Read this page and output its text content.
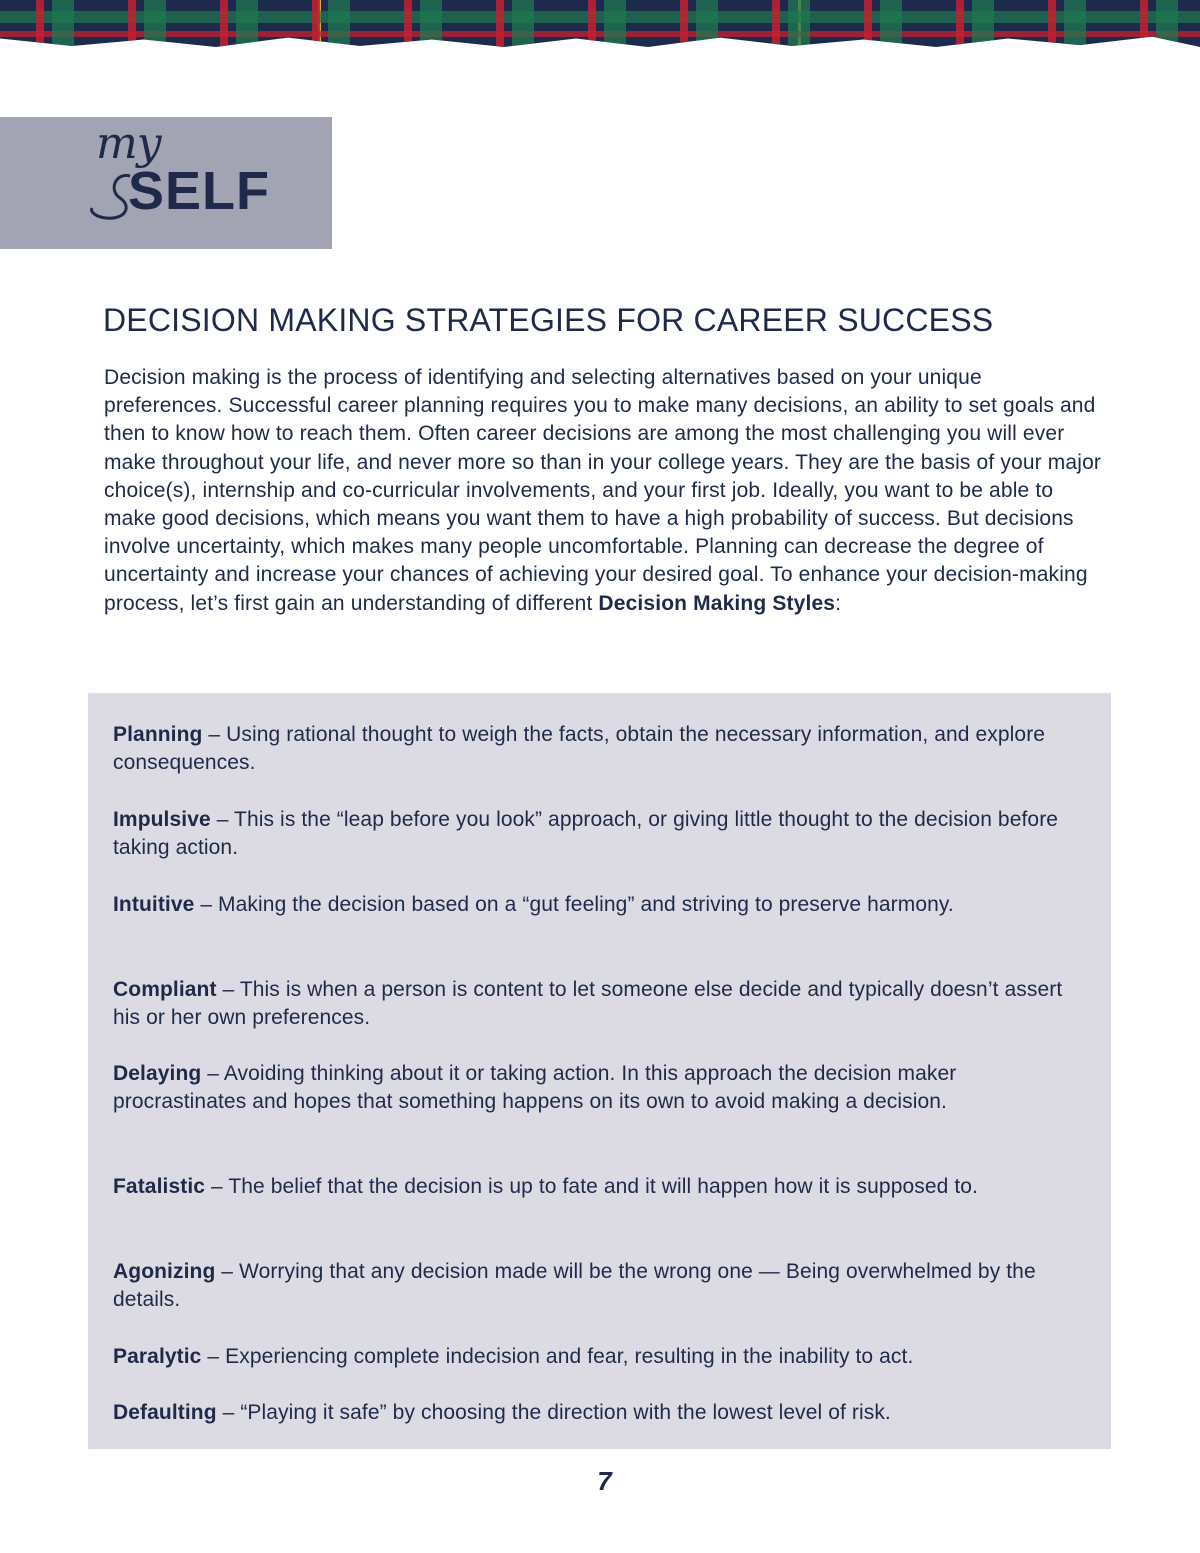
my
SELF
DECISION MAKING STRATEGIES FOR CAREER SUCCESS

Decision making is the process of identifying and selecting alternatives based on your unique preferences. Successful career planning requires you to make many decisions, an ability to set goals and then to know how to reach them. Often career decisions are among the most challenging you will ever make throughout your life, and never more so than in your college years. They are the basis of your major choice(s), internship and co-curricular involvements, and your first job. Ideally, you want to be able to make good decisions, which means you want them to have a high probability of success. But decisions involve uncertainty, which makes many people uncomfortable. Planning can decrease the degree of uncertainty and increase your chances of achieving your desired goal. To enhance your decision-making process, let’s first gain an understanding of different Decision Making Styles:

Planning – Using rational thought to weigh the facts, obtain the necessary information, and explore consequences.

Impulsive – This is the “leap before you look” approach, or giving little thought to the decision before taking action.

Intuitive – Making the decision based on a “gut feeling” and striving to preserve harmony.

Compliant – This is when a person is content to let someone else decide and typically doesn’t assert his or her own preferences.

Delaying – Avoiding thinking about it or taking action. In this approach the decision maker procrastinates and hopes that something happens on its own to avoid making a decision.

Fatalistic – The belief that the decision is up to fate and it will happen how it is supposed to.

Agonizing – Worrying that any decision made will be the wrong one — Being overwhelmed by the details.

Paralytic – Experiencing complete indecision and fear, resulting in the inability to act.

Defaulting – “Playing it safe” by choosing the direction with the lowest level of risk.

7
